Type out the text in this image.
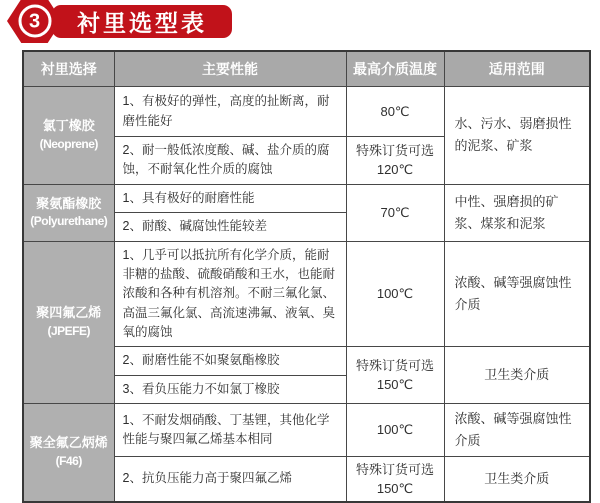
衬里选型表
3
衬里选择	主要性能	最高介质温度	适用范围

氯丁橡胶
(Neoprene)	1、有极好的弹性，高度的扯断离，耐磨性能好	80℃	水、污水、弱磨损性的泥浆、矿浆
	2、耐一般低浓度酸、碱、盐介质的腐蚀，不耐氧化性介质的腐蚀	特殊订货可选120℃	

聚氨酯橡胶
(Polyurethane)	1、具有极好的耐磨性能	70℃	中性、强磨损的矿浆、煤浆和泥浆
	2、耐酸、碱腐蚀性能较差		

聚四氟乙烯
(JPEFE)	1、几乎可以抵抗所有化学介质，能耐非糖的盐酸、硫酸硝酸和王水，也能耐浓酸和各种有机溶剂。不耐三氟化氯、高温三氟化氯、高流速沸氟、液氧、臭氧的腐蚀	100℃	浓酸、碱等强腐蚀性介质
	2、耐磨性能不如聚氨酯橡胶	特殊订货可选150℃	卫生类介质
	3、看负压能力不如氯丁橡胶		

聚全氟乙炳烯
(F46)	1、不耐发烟硝酸、丁基锂，其他化学性能与聚四氟乙烯基本相同	100℃	浓酸、碱等强腐蚀性介质
	2、抗负压能力高于聚四氟乙烯	特殊订货可选150℃	卫生类介质
